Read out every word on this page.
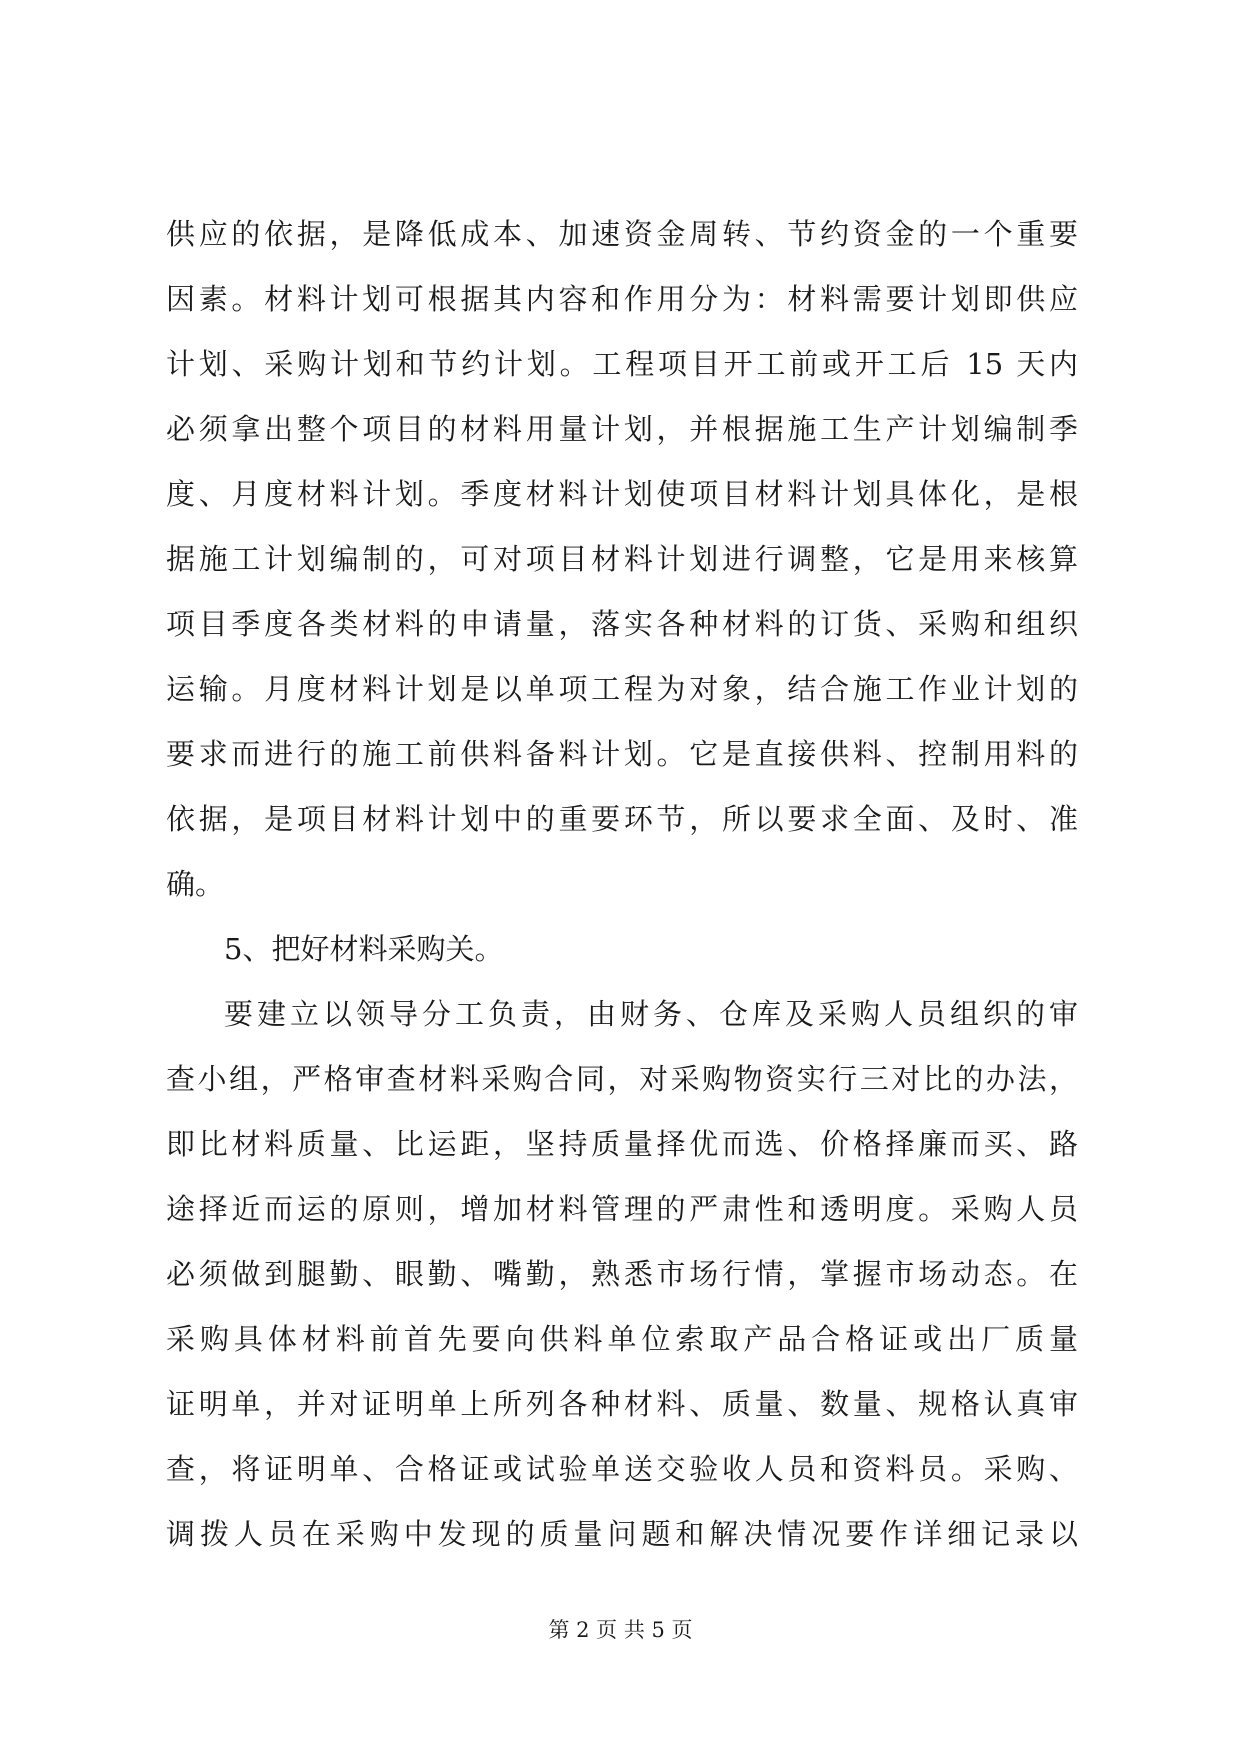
供应的依据，是降低成本、加速资金周转、节约资金的一个重要
因素。材料计划可根据其内容和作用分为：材料需要计划即供应
计划、采购计划和节约计划。工程项目开工前或开工后 15 天内
必须拿出整个项目的材料用量计划，并根据施工生产计划编制季
度、月度材料计划。季度材料计划使项目材料计划具体化，是根
据施工计划编制的，可对项目材料计划进行调整，它是用来核算
项目季度各类材料的申请量，落实各种材料的订货、采购和组织
运输。月度材料计划是以单项工程为对象，结合施工作业计划的
要求而进行的施工前供料备料计划。它是直接供料、控制用料的
依据，是项目材料计划中的重要环节，所以要求全面、及时、准
确。
5、把好材料采购关。
要建立以领导分工负责，由财务、仓库及采购人员组织的审
查小组，严格审查材料采购合同，对采购物资实行三对比的办法，
即比材料质量、比运距，坚持质量择优而选、价格择廉而买、路
途择近而运的原则，增加材料管理的严肃性和透明度。采购人员
必须做到腿勤、眼勤、嘴勤，熟悉市场行情，掌握市场动态。在
采购具体材料前首先要向供料单位索取产品合格证或出厂质量
证明单，并对证明单上所列各种材料、质量、数量、规格认真审
查，将证明单、合格证或试验单送交验收人员和资料员。采购、
调拨人员在采购中发现的质量问题和解决情况要作详细记录以
第 2 页 共 5 页
